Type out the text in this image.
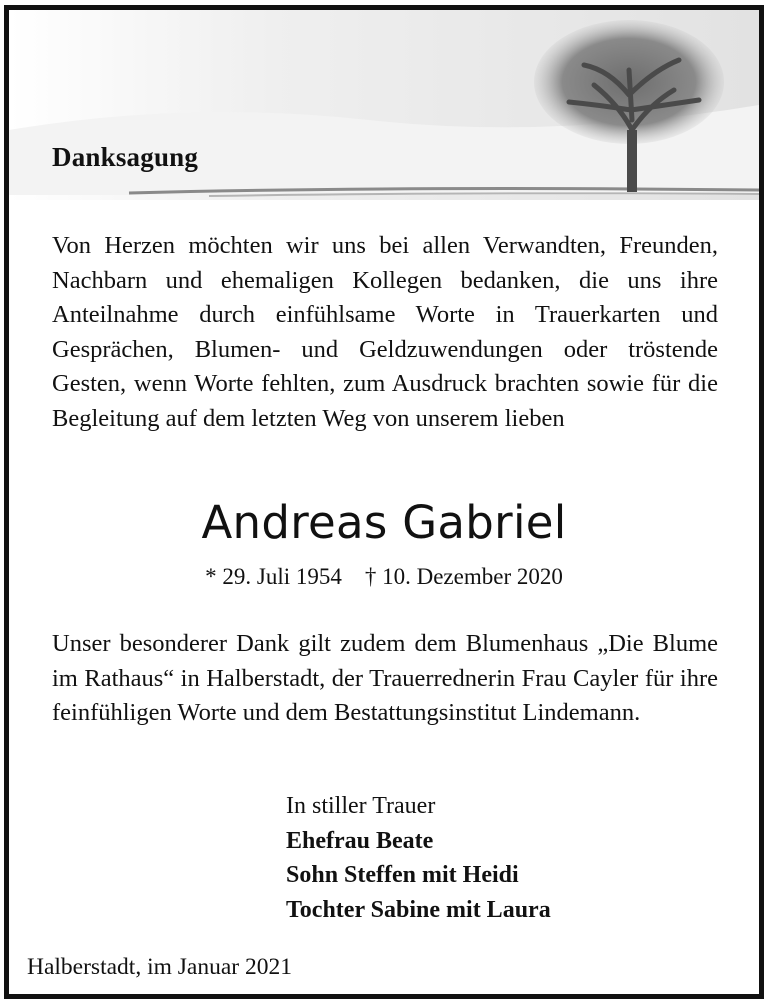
Danksagung
Von Herzen möchten wir uns bei allen Verwandten, Freunden, Nachbarn und ehemaligen Kollegen bedanken, die uns ihre Anteilnahme durch einfühlsame Worte in Trauerkarten und Gesprächen, Blumen- und Geldzuwendungen oder tröstende Gesten, wenn Worte fehlten, zum Ausdruck brachten sowie für die Begleitung auf dem letzten Weg von unserem lieben
Andreas Gabriel
* 29. Juli 1954 † 10. Dezember 2020
Unser besonderer Dank gilt zudem dem Blumenhaus „Die Blume im Rathaus“ in Halberstadt, der Trauerrednerin Frau Cayler für ihre feinfühligen Worte und dem Bestattungsinstitut Lindemann.
In stiller Trauer
Ehefrau Beate
Sohn Steffen mit Heidi
Tochter Sabine mit Laura
Halberstadt, im Januar 2021
